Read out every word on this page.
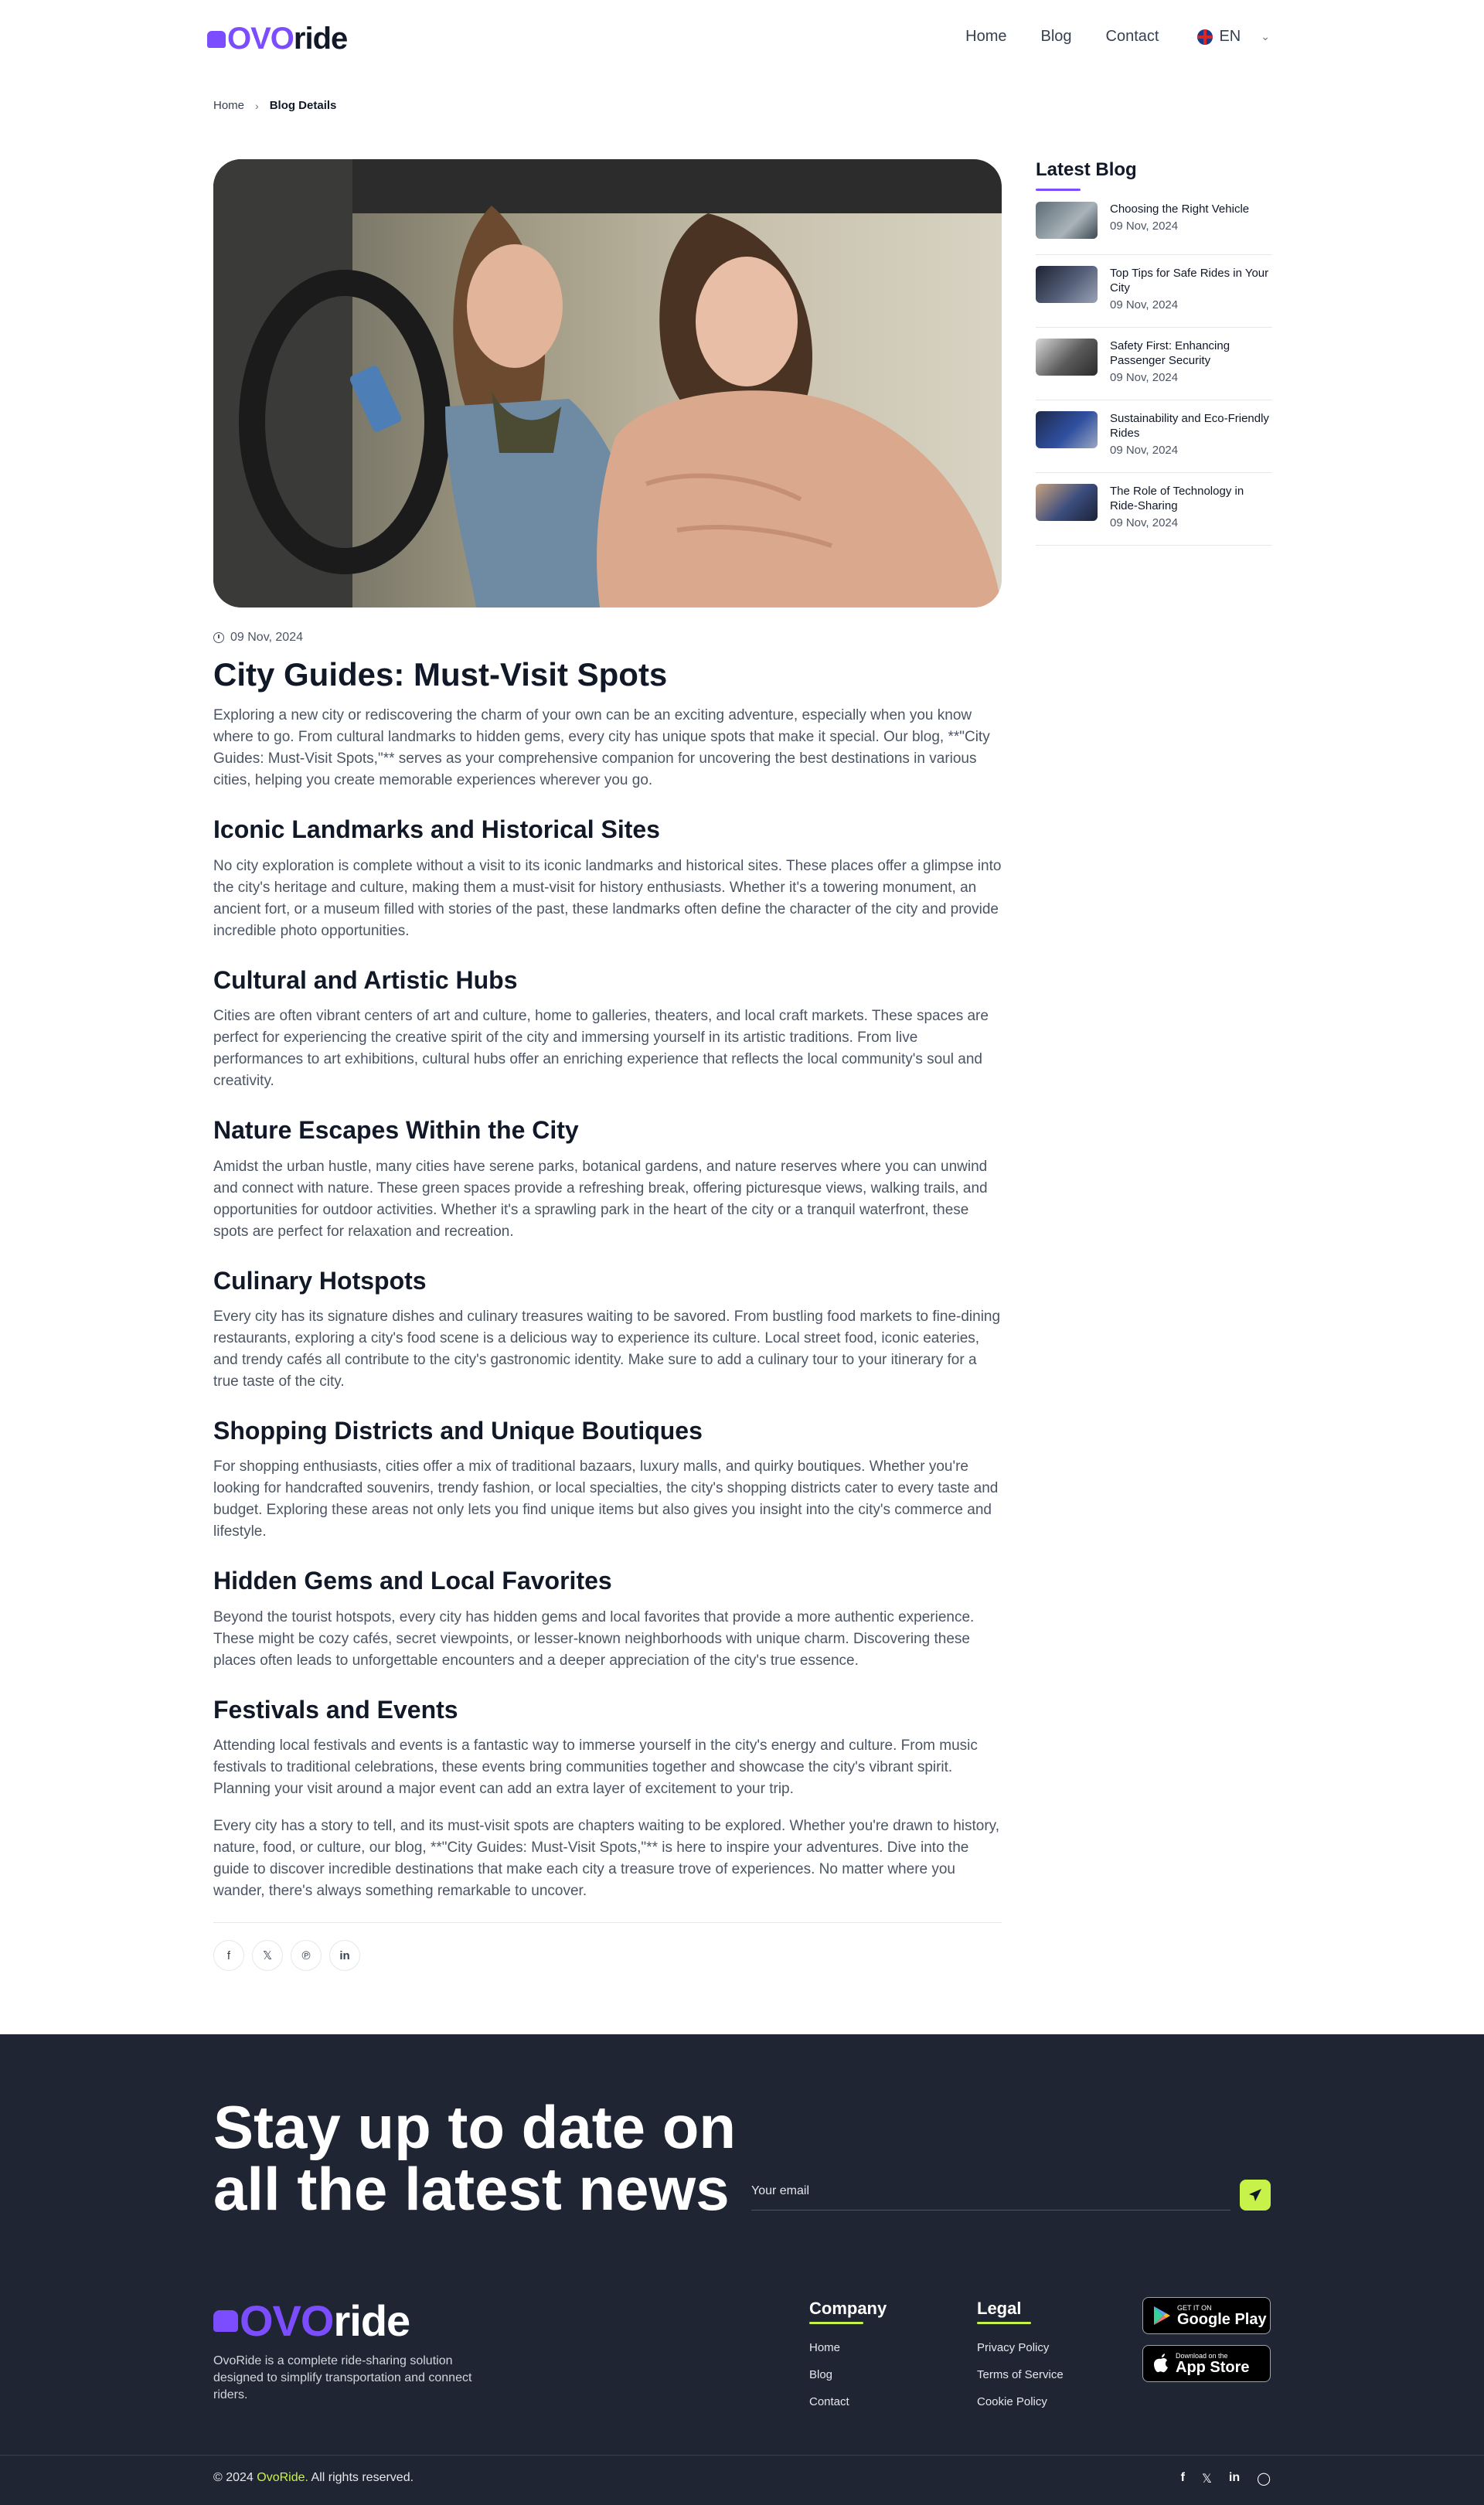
OVO ride	Home Blog Contact	EN ⌄
Home › Blog Details
09 Nov, 2024
City Guides: Must-Visit Spots

Exploring a new city or rediscovering the charm of your own can be an exciting adventure, especially when you know where to go. From cultural landmarks to hidden gems, every city has unique spots that make it special. Our blog, **"City Guides: Must-Visit Spots,"** serves as your comprehensive companion for uncovering the best destinations in various cities, helping you create memorable experiences wherever you go.

Iconic Landmarks and Historical Sites

No city exploration is complete without a visit to its iconic landmarks and historical sites. These places offer a glimpse into the city's heritage and culture, making them a must-visit for history enthusiasts. Whether it's a towering monument, an ancient fort, or a museum filled with stories of the past, these landmarks often define the character of the city and provide incredible photo opportunities.

Cultural and Artistic Hubs

Cities are often vibrant centers of art and culture, home to galleries, theaters, and local craft markets. These spaces are perfect for experiencing the creative spirit of the city and immersing yourself in its artistic traditions. From live performances to art exhibitions, cultural hubs offer an enriching experience that reflects the local community's soul and creativity.

Nature Escapes Within the City

Amidst the urban hustle, many cities have serene parks, botanical gardens, and nature reserves where you can unwind and connect with nature. These green spaces provide a refreshing break, offering picturesque views, walking trails, and opportunities for outdoor activities. Whether it's a sprawling park in the heart of the city or a tranquil waterfront, these spots are perfect for relaxation and recreation.

Culinary Hotspots

Every city has its signature dishes and culinary treasures waiting to be savored. From bustling food markets to fine-dining restaurants, exploring a city's food scene is a delicious way to experience its culture. Local street food, iconic eateries, and trendy cafés all contribute to the city's gastronomic identity. Make sure to add a culinary tour to your itinerary for a true taste of the city.

Shopping Districts and Unique Boutiques

For shopping enthusiasts, cities offer a mix of traditional bazaars, luxury malls, and quirky boutiques. Whether you're looking for handcrafted souvenirs, trendy fashion, or local specialties, the city's shopping districts cater to every taste and budget. Exploring these areas not only lets you find unique items but also gives you insight into the city's commerce and lifestyle.

Hidden Gems and Local Favorites

Beyond the tourist hotspots, every city has hidden gems and local favorites that provide a more authentic experience. These might be cozy cafés, secret viewpoints, or lesser-known neighborhoods with unique charm. Discovering these places often leads to unforgettable encounters and a deeper appreciation of the city's true essence.

Festivals and Events

Attending local festivals and events is a fantastic way to immerse yourself in the city's energy and culture. From music festivals to traditional celebrations, these events bring communities together and showcase the city's vibrant spirit. Planning your visit around a major event can add an extra layer of excitement to your trip.

Every city has a story to tell, and its must-visit spots are chapters waiting to be explored. Whether you're drawn to history, nature, food, or culture, our blog, **"City Guides: Must-Visit Spots,"** is here to inspire your adventures. Dive into the guide to discover incredible destinations that make each city a treasure trove of experiences. No matter where you wander, there's always something remarkable to uncover.

f	𝕏	℗	in
Latest Blog
Choosing the Right Vehicle
09 Nov, 2024
Top Tips for Safe Rides in Your City
09 Nov, 2024
Safety First: Enhancing Passenger Security
09 Nov, 2024
Sustainability and Eco-Friendly Rides
09 Nov, 2024
The Role of Technology in Ride-Sharing
09 Nov, 2024
Stay up to date on
all the latest news
Your email
OVO ride

OvoRide is a complete ride-sharing solution designed to simplify transportation and connect riders.

Company
Home
Blog
Contact
Legal
Privacy Policy
Terms of Service
Cookie Policy
GET IT ON
Google Play
Download on the
App Store
© 2024 OvoRide. All rights reserved.	f 𝕏 in ◯
